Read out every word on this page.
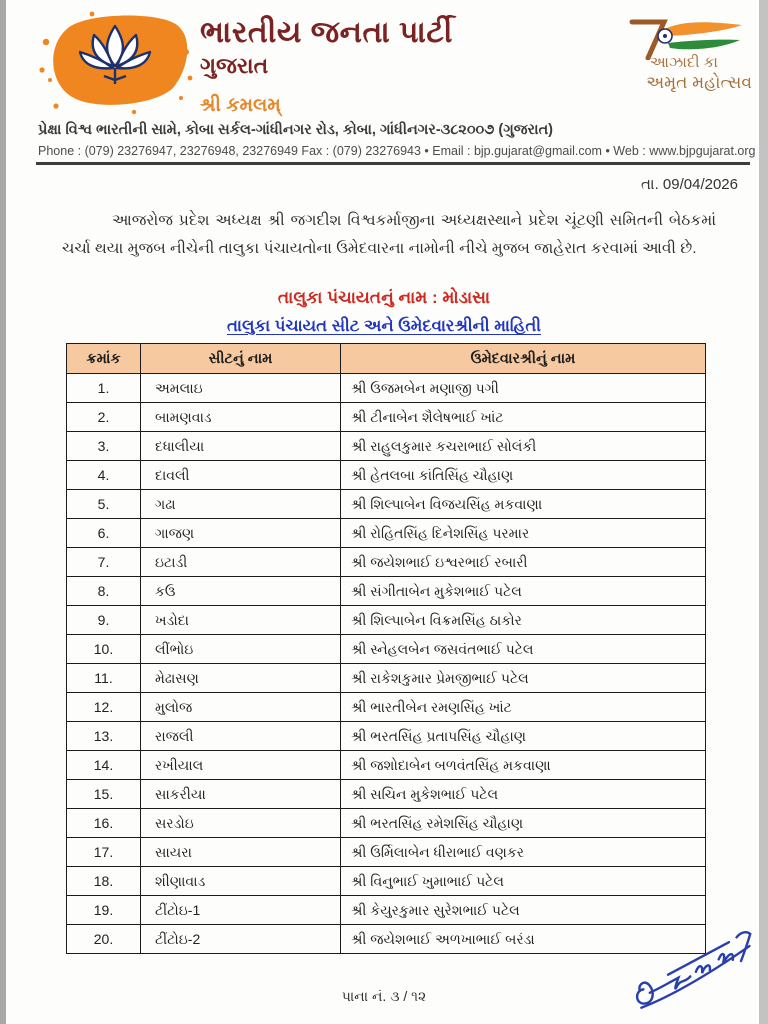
ભારતીય જનતા પાર્ટી
ગુજરાત
શ્રી કમલમ્
આઝાદી કા
અમૃત મહોત્સવ
પ્રેક્ષા વિશ્વ ભારતીની સામે, કોબા સર્કલ-ગાંધીનગર રોડ, કોબા, ગાંધીનગર-૩૮૨૦૦૭ (ગુજરાત)
Phone : (079) 23276947, 23276948, 23276949 Fax : (079) 23276943 • Email : bjp.gujarat@gmail.com • Web : www.bjpgujarat.org
તા. 09/04/2026

આજરોજ પ્રદેશ અધ્યક્ષ શ્રી જગદીશ વિશ્વકર્માજીના અધ્યક્ષસ્થાને પ્રદેશ ચૂંટણી સમિતની બેઠકમાં ચર્ચા થયા મુજબ નીચેની તાલુકા પંચાયતોના ઉમેદવારના નામોની નીચે મુજબ જાહેરાત કરવામાં આવી છે.

તાલુકા પંચાયતનું નામ : મોડાસા
તાલુકા પંચાયત સીટ અને ઉમેદવારશ્રીની માહિતી
ક્રમાંક	સીટનું નામ	ઉમેદવારશ્રીનું નામ
1.	અમલાઇ	શ્રી ઉજમબેન મણાજી પગી
2.	બામણવાડ	શ્રી ટીનાબેન શૈલેષભાઈ ખાંટ
3.	દધાલીયા	શ્રી રાહુલકુમાર કચરાભાઈ સોલંકી
4.	દાવલી	શ્રી હેતલબા કાંતિસિંહ ચૌહાણ
5.	ગઢા	શ્રી શિલ્પાબેન વિજયસિંહ મકવાણા
6.	ગાજણ	શ્રી રોહિતસિંહ દિનેશસિંહ પરમાર
7.	ઇટાડી	શ્રી જયેશભાઈ ઇશ્વરભાઈ રબારી
8.	કઉ	શ્રી સંગીતાબેન મુકેશભાઈ પટેલ
9.	ખડોદા	શ્રી શિલ્પાબેન વિક્રમસિંહ ઠાકોર
10.	લીંભોઇ	શ્રી સ્નેહલબેન જસવંતભાઈ પટેલ
11.	મેઢાસણ	શ્રી રાકેશકુમાર પ્રેમજીભાઈ પટેલ
12.	મુલોજ	શ્રી ભારતીબેન રમણસિંહ ખાંટ
13.	રાજલી	શ્રી ભરતસિંહ પ્રતાપસિંહ ચૌહાણ
14.	રખીયાલ	શ્રી જશોદાબેન બળવંતસિંહ મકવાણા
15.	સાકરીયા	શ્રી સચિન મુકેશભાઈ પટેલ
16.	સરડોઇ	શ્રી ભરતસિંહ રમેશસિંહ ચૌહાણ
17.	સાયરા	શ્રી ઉર્મિલાબેન ધીરાભાઈ વણકર
18.	શીણાવાડ	શ્રી વિનુભાઈ ખુમાભાઈ પટેલ
19.	ટીંટોઇ-1	શ્રી કેયુરકુમાર સુરેશભાઈ પટેલ
20.	ટીંટોઇ-2	શ્રી જયેશભાઈ અળખાભાઈ બરંડા
પાના નં. ૩ / ૧૨
